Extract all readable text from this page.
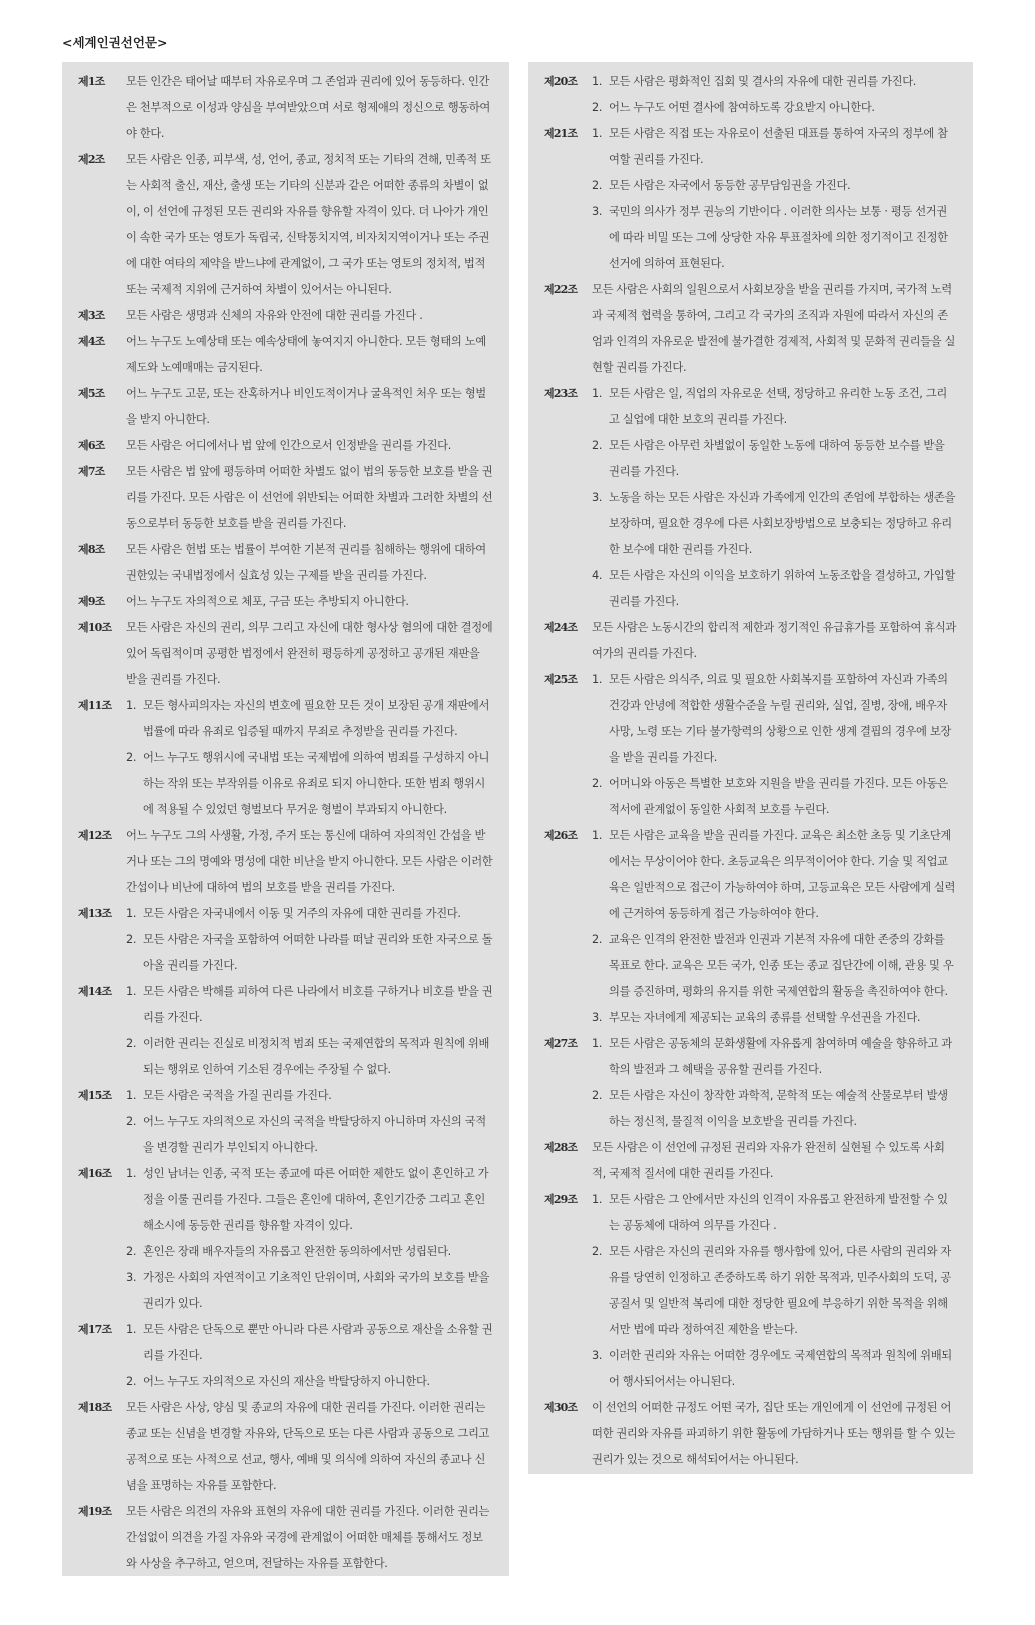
<세계인권선언문>
제1조	모든 인간은 태어날 때부터 자유로우며 그 존엄과 권리에 있어 동등하다. 인간은 천부적으로 이성과 양심을 부여받았으며 서로 형제애의 정신으로 행동하여야 한다.
제2조	모든 사람은 인종, 피부색, 성, 언어, 종교, 정치적 또는 기타의 견해, 민족적 또는 사회적 출신, 재산, 출생 또는 기타의 신분과 같은 어떠한 종류의 차별이 없이, 이 선언에 규정된 모든 권리와 자유를 향유할 자격이 있다. 더 나아가 개인이 속한 국가 또는 영토가 독립국, 신탁통치지역, 비자치지역이거나 또는 주권에 대한 여타의 제약을 받느냐에 관계없이, 그 국가 또는 영토의 정치적, 법적 또는 국제적 지위에 근거하여 차별이 있어서는 아니된다.
제3조	모든 사람은 생명과 신체의 자유와 안전에 대한 권리를 가진다 .
제4조	어느 누구도 노예상태 또는 예속상태에 놓여지지 아니한다. 모든 형태의 노예제도와 노예매매는 금지된다.
제5조	어느 누구도 고문, 또는 잔혹하거나 비인도적이거나 굴욕적인 처우 또는 형벌을 받지 아니한다.
제6조	모든 사람은 어디에서나 법 앞에 인간으로서 인정받을 권리를 가진다.
제7조	모든 사람은 법 앞에 평등하며 어떠한 차별도 없이 법의 동등한 보호를 받을 권리를 가진다. 모든 사람은 이 선언에 위반되는 어떠한 차별과 그러한 차별의 선동으로부터 동등한 보호를 받을 권리를 가진다.
제8조	모든 사람은 헌법 또는 법률이 부여한 기본적 권리를 침해하는 행위에 대하여 권한있는 국내법정에서 실효성 있는 구제를 받을 권리를 가진다.
제9조	어느 누구도 자의적으로 체포, 구금 또는 추방되지 아니한다.
제10조	모든 사람은 자신의 권리, 의무 그리고 자신에 대한 형사상 혐의에 대한 결정에 있어 독립적이며 공평한 법정에서 완전히 평등하게 공정하고 공개된 재판을 받을 권리를 가진다.
제11조	1. 모든 형사피의자는 자신의 변호에 필요한 모든 것이 보장된 공개 재판에서 법률에 따라 유죄로 입증될 때까지 무죄로 추정받을 권리를 가진다.
2. 어느 누구도 행위시에 국내법 또는 국제법에 의하여 범죄를 구성하지 아니하는 작위 또는 부작위를 이유로 유죄로 되지 아니한다. 또한 범죄 행위시에 적용될 수 있었던 형벌보다 무거운 형벌이 부과되지 아니한다.
제12조	어느 누구도 그의 사생활, 가정, 주거 또는 통신에 대하여 자의적인 간섭을 받거나 또는 그의 명예와 명성에 대한 비난을 받지 아니한다. 모든 사람은 이러한 간섭이나 비난에 대하여 법의 보호를 받을 권리를 가진다.
제13조	1. 모든 사람은 자국내에서 이동 및 거주의 자유에 대한 권리를 가진다.
2. 모든 사람은 자국을 포함하여 어떠한 나라를 떠날 권리와 또한 자국으로 돌아올 권리를 가진다.
제14조	1. 모든 사람은 박해를 피하여 다른 나라에서 비호를 구하거나 비호를 받을 권리를 가진다.
2. 이러한 권리는 진실로 비정치적 범죄 또는 국제연합의 목적과 원칙에 위배되는 행위로 인하여 기소된 경우에는 주장될 수 없다.
제15조	1. 모든 사람은 국적을 가질 권리를 가진다.
2. 어느 누구도 자의적으로 자신의 국적을 박탈당하지 아니하며 자신의 국적을 변경할 권리가 부인되지 아니한다.
제16조	1. 성인 남녀는 인종, 국적 또는 종교에 따른 어떠한 제한도 없이 혼인하고 가정을 이룰 권리를 가진다. 그들은 혼인에 대하여, 혼인기간중 그리고 혼인해소시에 동등한 권리를 향유할 자격이 있다.
2. 혼인은 장래 배우자들의 자유롭고 완전한 동의하에서만 성립된다.
3. 가정은 사회의 자연적이고 기초적인 단위이며, 사회와 국가의 보호를 받을 권리가 있다.
제17조	1. 모든 사람은 단독으로 뿐만 아니라 다른 사람과 공동으로 재산을 소유할 권리를 가진다.
2. 어느 누구도 자의적으로 자신의 재산을 박탈당하지 아니한다.
제18조	모든 사람은 사상, 양심 및 종교의 자유에 대한 권리를 가진다. 이러한 권리는 종교 또는 신념을 변경할 자유와, 단독으로 또는 다른 사람과 공동으로 그리고 공적으로 또는 사적으로 선교, 행사, 예배 및 의식에 의하여 자신의 종교나 신념을 표명하는 자유를 포함한다.
제19조	모든 사람은 의견의 자유와 표현의 자유에 대한 권리를 가진다. 이러한 권리는 간섭없이 의견을 가질 자유와 국경에 관계없이 어떠한 매체를 통해서도 정보와 사상을 추구하고, 얻으며, 전달하는 자유를 포함한다.
제20조	1. 모든 사람은 평화적인 집회 및 결사의 자유에 대한 권리를 가진다.
2. 어느 누구도 어떤 결사에 참여하도록 강요받지 아니한다.
제21조	1. 모든 사람은 직접 또는 자유로이 선출된 대표를 통하여 자국의 정부에 참여할 권리를 가진다.
2. 모든 사람은 자국에서 동등한 공무담임권을 가진다.
3. 국민의 의사가 정부 권능의 기반이다 . 이러한 의사는 보통 · 평등 선거권에 따라 비밀 또는 그에 상당한 자유 투표절차에 의한 정기적이고 진정한 선거에 의하여 표현된다.
제22조	모든 사람은 사회의 일원으로서 사회보장을 받을 권리를 가지며, 국가적 노력과 국제적 협력을 통하여, 그리고 각 국가의 조직과 자원에 따라서 자신의 존엄과 인격의 자유로운 발전에 불가결한 경제적, 사회적 및 문화적 권리들을 실현할 권리를 가진다.
제23조	1. 모든 사람은 일, 직업의 자유로운 선택, 정당하고 유리한 노동 조건, 그리고 실업에 대한 보호의 권리를 가진다.
2. 모든 사람은 아무런 차별없이 동일한 노동에 대하여 동등한 보수를 받을 권리를 가진다.
3. 노동을 하는 모든 사람은 자신과 가족에게 인간의 존엄에 부합하는 생존을 보장하며, 필요한 경우에 다른 사회보장방법으로 보충되는 정당하고 유리한 보수에 대한 권리를 가진다.
4. 모든 사람은 자신의 이익을 보호하기 위하여 노동조합을 결성하고, 가입할 권리를 가진다.
제24조	모든 사람은 노동시간의 합리적 제한과 정기적인 유급휴가를 포함하여 휴식과 여가의 권리를 가진다.
제25조	1. 모든 사람은 의식주, 의료 및 필요한 사회복지를 포함하여 자신과 가족의 건강과 안녕에 적합한 생활수준을 누릴 권리와, 실업, 질병, 장애, 배우자 사망, 노령 또는 기타 불가항력의 상황으로 인한 생계 결핍의 경우에 보장을 받을 권리를 가진다.
2. 어머니와 아동은 특별한 보호와 지원을 받을 권리를 가진다. 모든 아동은 적서에 관계없이 동일한 사회적 보호를 누린다.
제26조	1. 모든 사람은 교육을 받을 권리를 가진다. 교육은 최소한 초등 및 기초단계에서는 무상이어야 한다. 초등교육은 의무적이어야 한다. 기술 및 직업교육은 일반적으로 접근이 가능하여야 하며, 고등교육은 모든 사람에게 실력에 근거하여 동등하게 접근 가능하여야 한다.
2. 교육은 인격의 완전한 발전과 인권과 기본적 자유에 대한 존중의 강화를 목표로 한다. 교육은 모든 국가, 인종 또는 종교 집단간에 이해, 관용 및 우의를 증진하며, 평화의 유지를 위한 국제연합의 활동을 촉진하여야 한다.
3. 부모는 자녀에게 제공되는 교육의 종류를 선택할 우선권을 가진다.
제27조	1. 모든 사람은 공동체의 문화생활에 자유롭게 참여하며 예술을 향유하고 과학의 발전과 그 혜택을 공유할 권리를 가진다.
2. 모든 사람은 자신이 창작한 과학적, 문학적 또는 예술적 산물로부터 발생하는 정신적, 물질적 이익을 보호받을 권리를 가진다.
제28조	모든 사람은 이 선언에 규정된 권리와 자유가 완전히 실현될 수 있도록 사회적, 국제적 질서에 대한 권리를 가진다.
제29조	1. 모든 사람은 그 안에서만 자신의 인격이 자유롭고 완전하게 발전할 수 있는 공동체에 대하여 의무를 가진다 .
2. 모든 사람은 자신의 권리와 자유를 행사함에 있어, 다른 사람의 권리와 자유를 당연히 인정하고 존중하도록 하기 위한 목적과, 민주사회의 도덕, 공공질서 및 일반적 복리에 대한 정당한 필요에 부응하기 위한 목적을 위해서만 법에 따라 정하여진 제한을 받는다.
3. 이러한 권리와 자유는 어떠한 경우에도 국제연합의 목적과 원칙에 위배되어 행사되어서는 아니된다.
제30조	이 선언의 어떠한 규정도 어떤 국가, 집단 또는 개인에게 이 선언에 규정된 어떠한 권리와 자유를 파괴하기 위한 활동에 가담하거나 또는 행위를 할 수 있는 권리가 있는 것으로 해석되어서는 아니된다.
